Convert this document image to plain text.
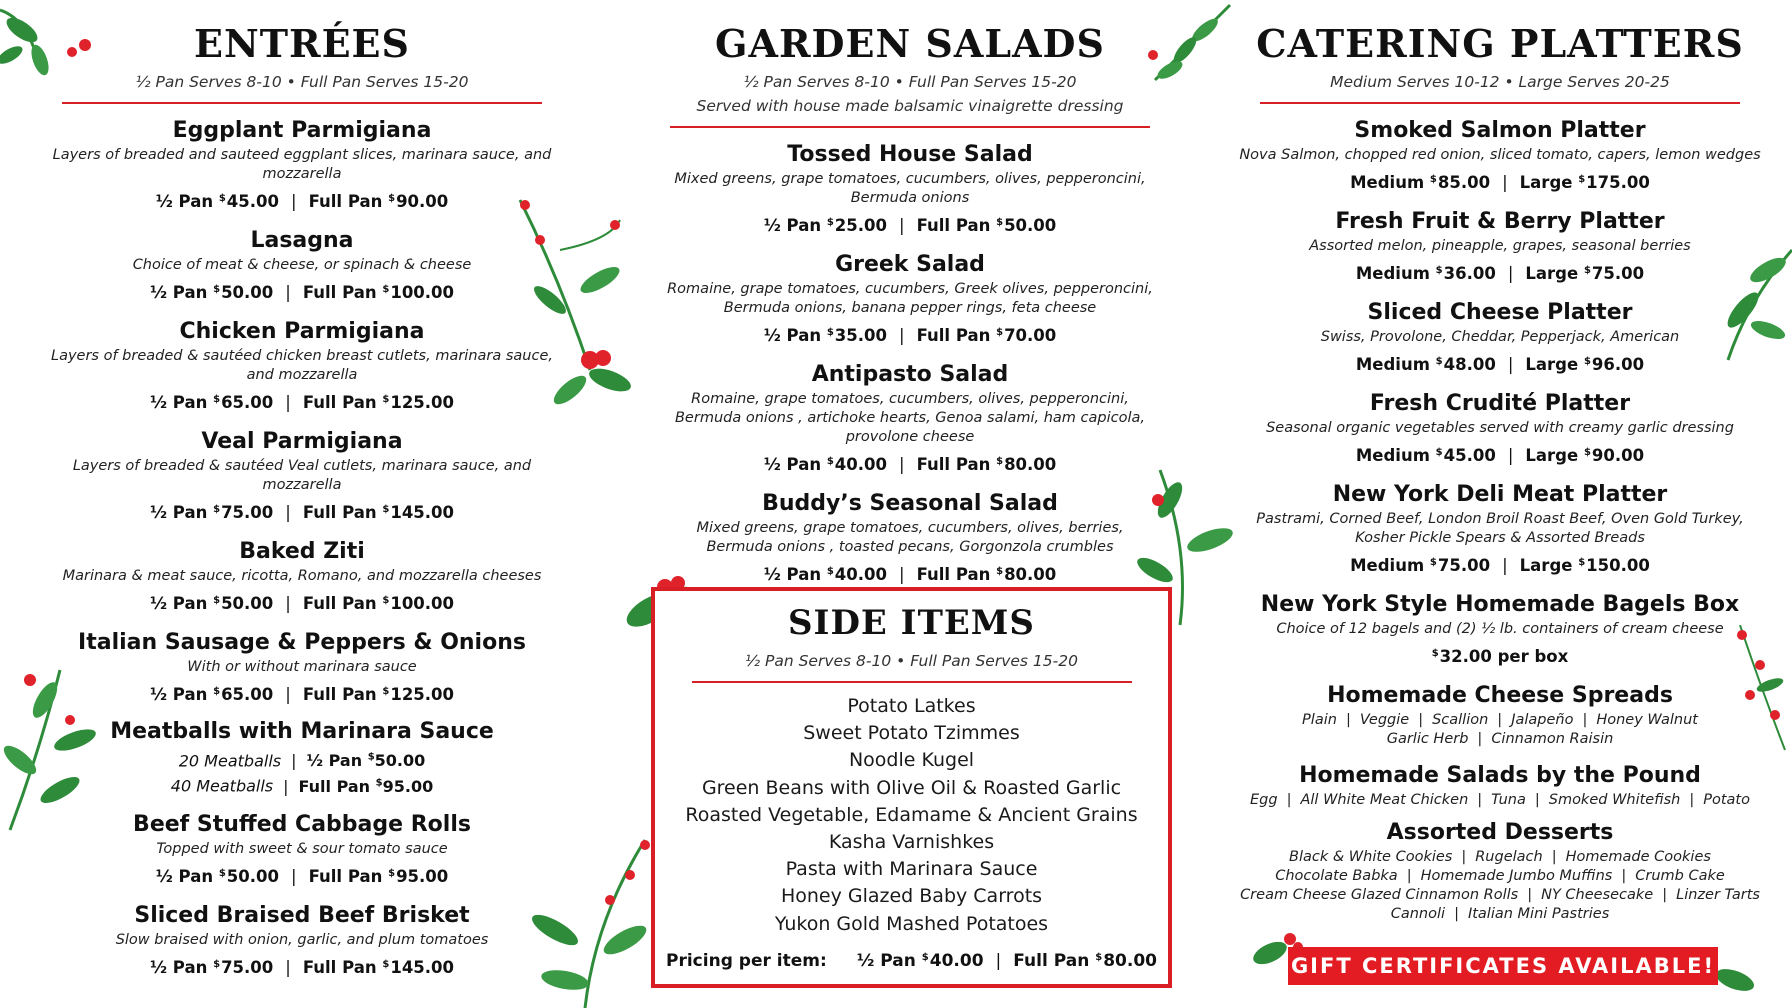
ENTRÉES
½ Pan Serves 8-10 • Full Pan Serves 15-20
Eggplant Parmigiana
Layers of breaded and sauteed eggplant slices, marinara sauce, and mozzarella
½ Pan $45.00 | Full Pan $90.00
Lasagna
Choice of meat & cheese, or spinach & cheese
½ Pan $50.00 | Full Pan $100.00
Chicken Parmigiana
Layers of breaded & sautéed chicken breast cutlets, marinara sauce, and mozzarella
½ Pan $65.00 | Full Pan $125.00
Veal Parmigiana
Layers of breaded & sautéed Veal cutlets, marinara sauce, and mozzarella
½ Pan $75.00 | Full Pan $145.00
Baked Ziti
Marinara & meat sauce, ricotta, Romano, and mozzarella cheeses
½ Pan $50.00 | Full Pan $100.00
Italian Sausage & Peppers & Onions
With or without marinara sauce
½ Pan $65.00 | Full Pan $125.00
Meatballs with Marinara Sauce
20 Meatballs | ½ Pan $50.00
40 Meatballs | Full Pan $95.00
Beef Stuffed Cabbage Rolls
Topped with sweet & sour tomato sauce
½ Pan $50.00 | Full Pan $95.00
Sliced Braised Beef Brisket
Slow braised with onion, garlic, and plum tomatoes
½ Pan $75.00 | Full Pan $145.00
GARDEN SALADS
½ Pan Serves 8-10 • Full Pan Serves 15-20
Served with house made balsamic vinaigrette dressing
Tossed House Salad
Mixed greens, grape tomatoes, cucumbers, olives, pepperoncini, Bermuda onions
½ Pan $25.00 | Full Pan $50.00
Greek Salad
Romaine, grape tomatoes, cucumbers, Greek olives, pepperoncini, Bermuda onions, banana pepper rings, feta cheese
½ Pan $35.00 | Full Pan $70.00
Antipasto Salad
Romaine, grape tomatoes, cucumbers, olives, pepperoncini, Bermuda onions , artichoke hearts, Genoa salami, ham capicola, provolone cheese
½ Pan $40.00 | Full Pan $80.00
Buddy’s Seasonal Salad
Mixed greens, grape tomatoes, cucumbers, olives, berries, Bermuda onions , toasted pecans, Gorgonzola crumbles
½ Pan $40.00 | Full Pan $80.00
SIDE ITEMS
½ Pan Serves 8-10 • Full Pan Serves 15-20
Potato Latkes
Sweet Potato Tzimmes
Noodle Kugel
Green Beans with Olive Oil & Roasted Garlic
Roasted Vegetable, Edamame & Ancient Grains
Kasha Varnishkes
Pasta with Marinara Sauce
Honey Glazed Baby Carrots
Yukon Gold Mashed Potatoes
Pricing per item: ½ Pan $40.00 | Full Pan $80.00
CATERING PLATTERS
Medium Serves 10-12 • Large Serves 20-25
Smoked Salmon Platter
Nova Salmon, chopped red onion, sliced tomato, capers, lemon wedges
Medium $85.00 | Large $175.00
Fresh Fruit & Berry Platter
Assorted melon, pineapple, grapes, seasonal berries
Medium $36.00 | Large $75.00
Sliced Cheese Platter
Swiss, Provolone, Cheddar, Pepperjack, American
Medium $48.00 | Large $96.00
Fresh Crudité Platter
Seasonal organic vegetables served with creamy garlic dressing
Medium $45.00 | Large $90.00
New York Deli Meat Platter
Pastrami, Corned Beef, London Broil Roast Beef, Oven Gold Turkey, Kosher Pickle Spears & Assorted Breads
Medium $75.00 | Large $150.00
New York Style Homemade Bagels Box
Choice of 12 bagels and (2) ½ lb. containers of cream cheese
$32.00 per box
Homemade Cheese Spreads
Plain | Veggie | Scallion | Jalapeño | Honey Walnut
Garlic Herb | Cinnamon Raisin
Homemade Salads by the Pound
Egg | All White Meat Chicken | Tuna | Smoked Whitefish | Potato
Assorted Desserts
Black & White Cookies | Rugelach | Homemade Cookies
Chocolate Babka | Homemade Jumbo Muffins | Crumb Cake
Cream Cheese Glazed Cinnamon Rolls | NY Cheesecake | Linzer Tarts
Cannoli | Italian Mini Pastries
GIFT CERTIFICATES AVAILABLE!
